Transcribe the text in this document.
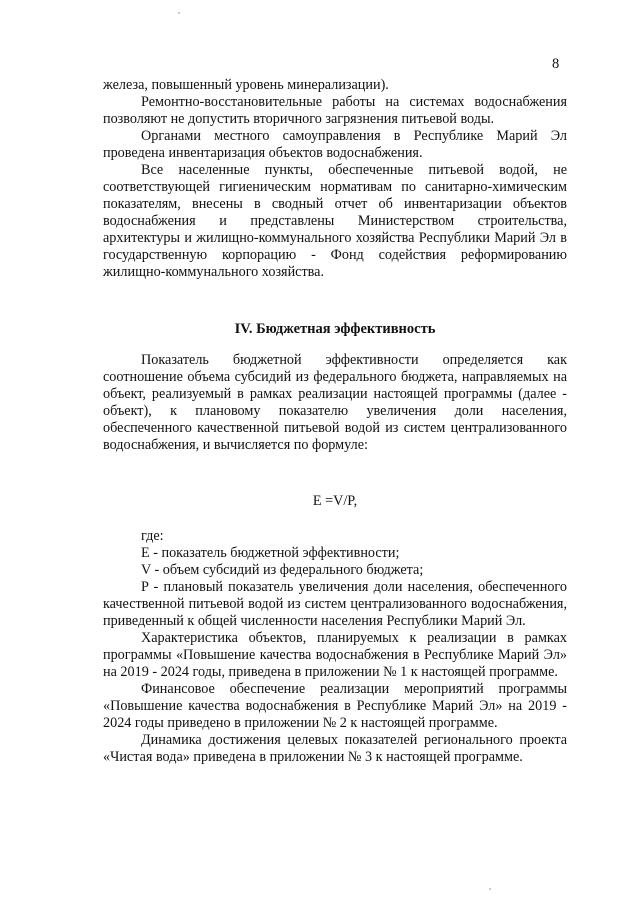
8

железа, повышенный уровень минерализации).

Ремонтно-восстановительные работы на системах водоснабжения позволяют не допустить вторичного загрязнения питьевой воды.

Органами местного самоуправления в Республике Марий Эл проведена инвентаризация объектов водоснабжения.

Все населенные пункты, обеспеченные питьевой водой, не соответствующей гигиеническим нормативам по санитарно-химическим показателям, внесены в сводный отчет об инвентаризации объектов водоснабжения и представлены Министерством строительства, архитектуры и жилищно-коммунального хозяйства Республики Марий Эл в государственную корпорацию - Фонд содействия реформированию жилищно-коммунального хозяйства.

IV. Бюджетная эффективность

Показатель бюджетной эффективности определяется как соотношение объема субсидий из федерального бюджета, направляемых на объект, реализуемый в рамках реализации настоящей программы (далее - объект), к плановому показателю увеличения доли населения, обеспеченного качественной питьевой водой из систем централизованного водоснабжения, и вычисляется по формуле:

E =V/P,

где:

E - показатель бюджетной эффективности;

V - объем субсидий из федерального бюджета;

P - плановый показатель увеличения доли населения, обеспеченного качественной питьевой водой из систем централизованного водоснабжения, приведенный к общей численности населения Республики Марий Эл.

Характеристика объектов, планируемых к реализации в рамках программы «Повышение качества водоснабжения в Республике Марий Эл» на 2019 - 2024 годы, приведена в приложении № 1 к настоящей программе.

Финансовое обеспечение реализации мероприятий программы «Повышение качества водоснабжения в Республике Марий Эл» на 2019 - 2024 годы приведено в приложении № 2 к настоящей программе.

Динамика достижения целевых показателей регионального проекта «Чистая вода» приведена в приложении № 3 к настоящей программе.
